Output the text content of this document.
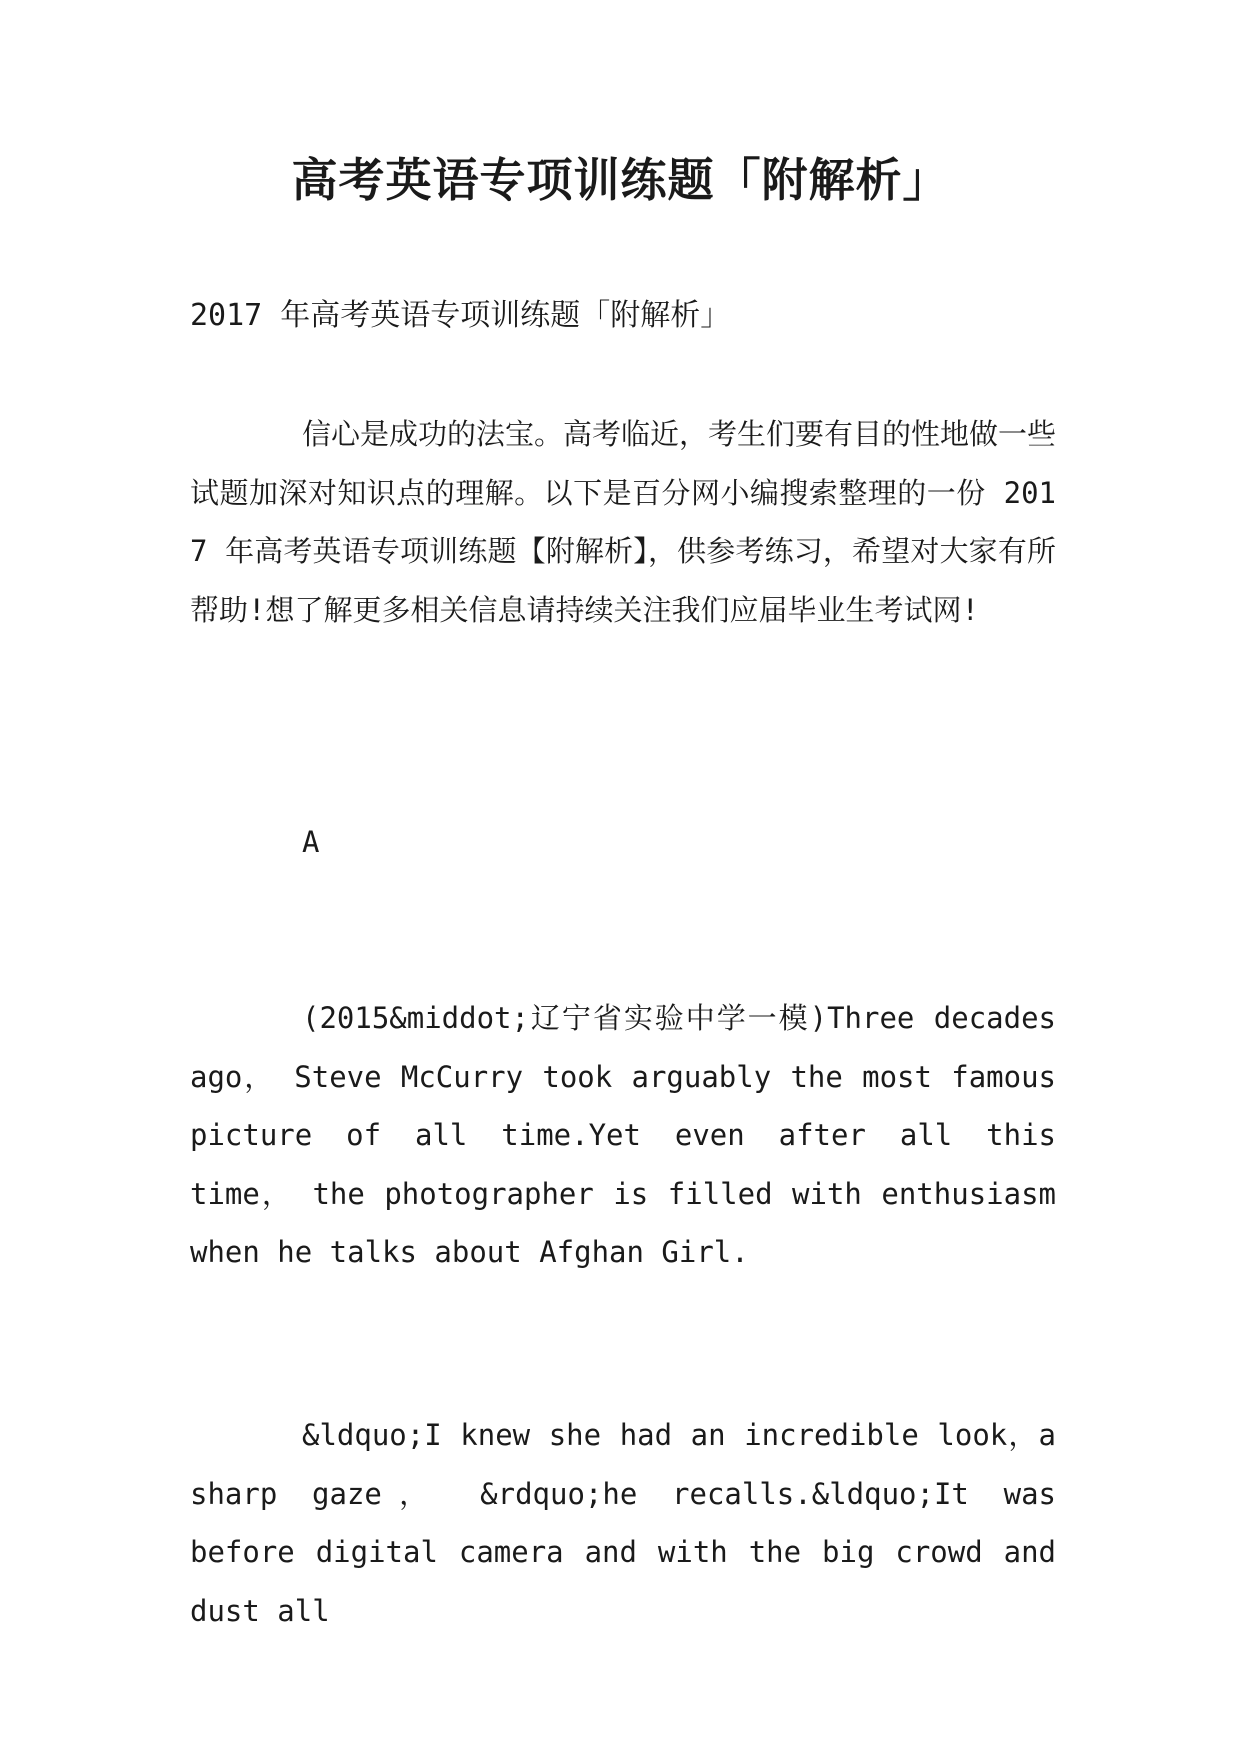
高考英语专项训练题「附解析」

2017 年高考英语专项训练题「附解析」

信心是成功的法宝。高考临近，考生们要有目的性地做一些试题加深对知识点的理解。以下是百分网小编搜索整理的一份 2017 年高考英语专项训练题【附解析】，供参考练习，希望对大家有所帮助!想了解更多相关信息请持续关注我们应届毕业生考试网!

A

(2015&middot;辽宁省实验中学一模)Three decades ago， Steve McCurry took arguably the most famous picture of all time.Yet even after all this time， the photographer is filled with enthusiasm when he talks about Afghan Girl.

&ldquo;I knew she had an incredible look，a sharp gaze， &rdquo;he recalls.&ldquo;It was before digital camera and with the big crowd and dust all
